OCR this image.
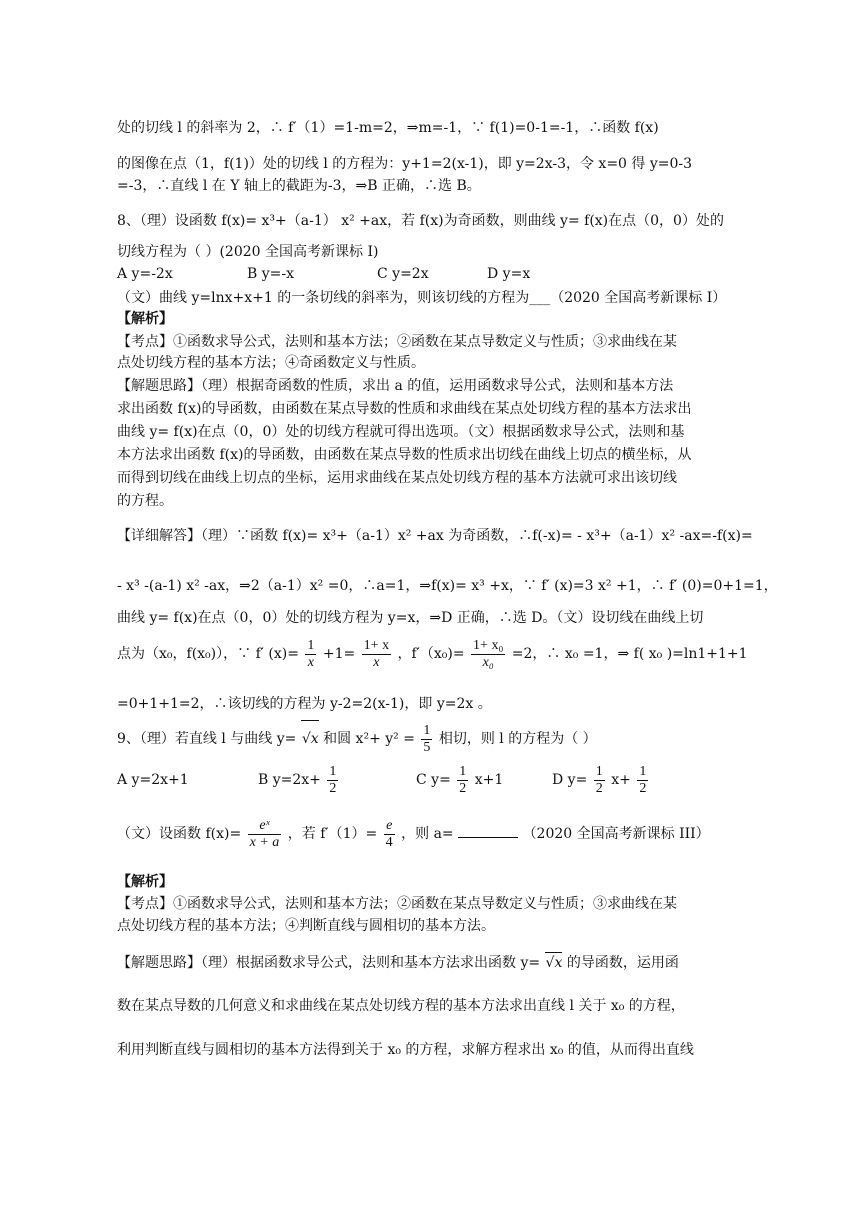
处的切线 l 的斜率为 2，∴ f′（1）=1-m=2，⇒m=-1，∵ f(1)=0-1=-1，∴函数 f(x)
的图像在点（1，f(1)）处的切线 l 的方程为：y+1=2(x-1)，即 y=2x-3，令 x=0 得 y=0-3
=-3，∴直线 l 在 Y 轴上的截距为-3，⇒B 正确，∴选 B。
8、（理）设函数 f(x)= x³+（a-1） x² +ax，若 f(x)为奇函数，则曲线 y= f(x)在点（0，0）处的
切线方程为（ ）(2020 全国高考新课标 I)
A y=-2x	B y=-x	C y=2x	D y=x
（文）曲线 y=lnx+x+1 的一条切线的斜率为，则该切线的方程为___（2020 全国高考新课标 I）
【解析】
【考点】①函数求导公式，法则和基本方法；②函数在某点导数定义与性质；③求曲线在某
点处切线方程的基本方法；④奇函数定义与性质。
【解题思路】（理）根据奇函数的性质，求出 a 的值，运用函数求导公式，法则和基本方法
求出函数 f(x)的导函数，由函数在某点导数的性质和求曲线在某点处切线方程的基本方法求出
曲线 y= f(x)在点（0，0）处的切线方程就可得出选项。（文）根据函数求导公式，法则和基
本方法求出函数 f(x)的导函数，由函数在某点导数的性质求出切线在曲线上切点的横坐标，从
而得到切线在曲线上切点的坐标，运用求曲线在某点处切线方程的基本方法就可求出该切线
的方程。
【详细解答】（理）∵函数 f(x)= x³+（a-1）x² +ax 为奇函数，∴f(-x)= - x³+（a-1）x² -ax=-f(x)=
- x³ -(a-1) x² -ax，⇒2（a-1）x² =0，∴a=1，⇒f(x)= x³ +x，∵ f′ (x)=3 x² +1，∴ f′ (0)=0+1=1，
曲线 y= f(x)在点（0，0）处的切线方程为 y=x，⇒D 正确，∴选 D。（文）设切线在曲线上切
点为（x₀，f(x₀)），∵ f′ $(x)= \frac{1}{x} +1= \frac{1+ x}{x}$ ，$f'(x_0)= \frac{\text{1+ x₀}}{\text{x₀}} =2$，∴ x₀ =1，⇒ f( x₀ )=ln1+1+1
=0+1+1=2，∴该切线的方程为 y-2=2(x-1)，即 y=2x 。
9、（理）若直线 l 与曲线 y= √x 和圆 $x^2+ y^2 = \frac{1}{5}$ 相切，则 l 的方程为（ ）
A y=2x+1	B $y=2x+ \frac{1}{2}$	C $y= \frac{1}{2} x+1$	D $y= \frac{1}{2} x+ \frac{1}{2}$
（文）设函数 $f(x)= \frac{\text{eˣ}}{x + a}$ ，若 $f'(1)= \frac{e}{4}$ ，则 a=	（2020 全国高考新课标 III）
【解析】
【考点】①函数求导公式，法则和基本方法；②函数在某点导数定义与性质；③求曲线在某
点处切线方程的基本方法；④判断直线与圆相切的基本方法。
【解题思路】（理）根据函数求导公式，法则和基本方法求出函数 y= √x 的导函数，运用函
数在某点导数的几何意义和求曲线在某点处切线方程的基本方法求出直线 l 关于 x₀ 的方程，
利用判断直线与圆相切的基本方法得到关于 x₀ 的方程，求解方程求出 x₀ 的值，从而得出直线
